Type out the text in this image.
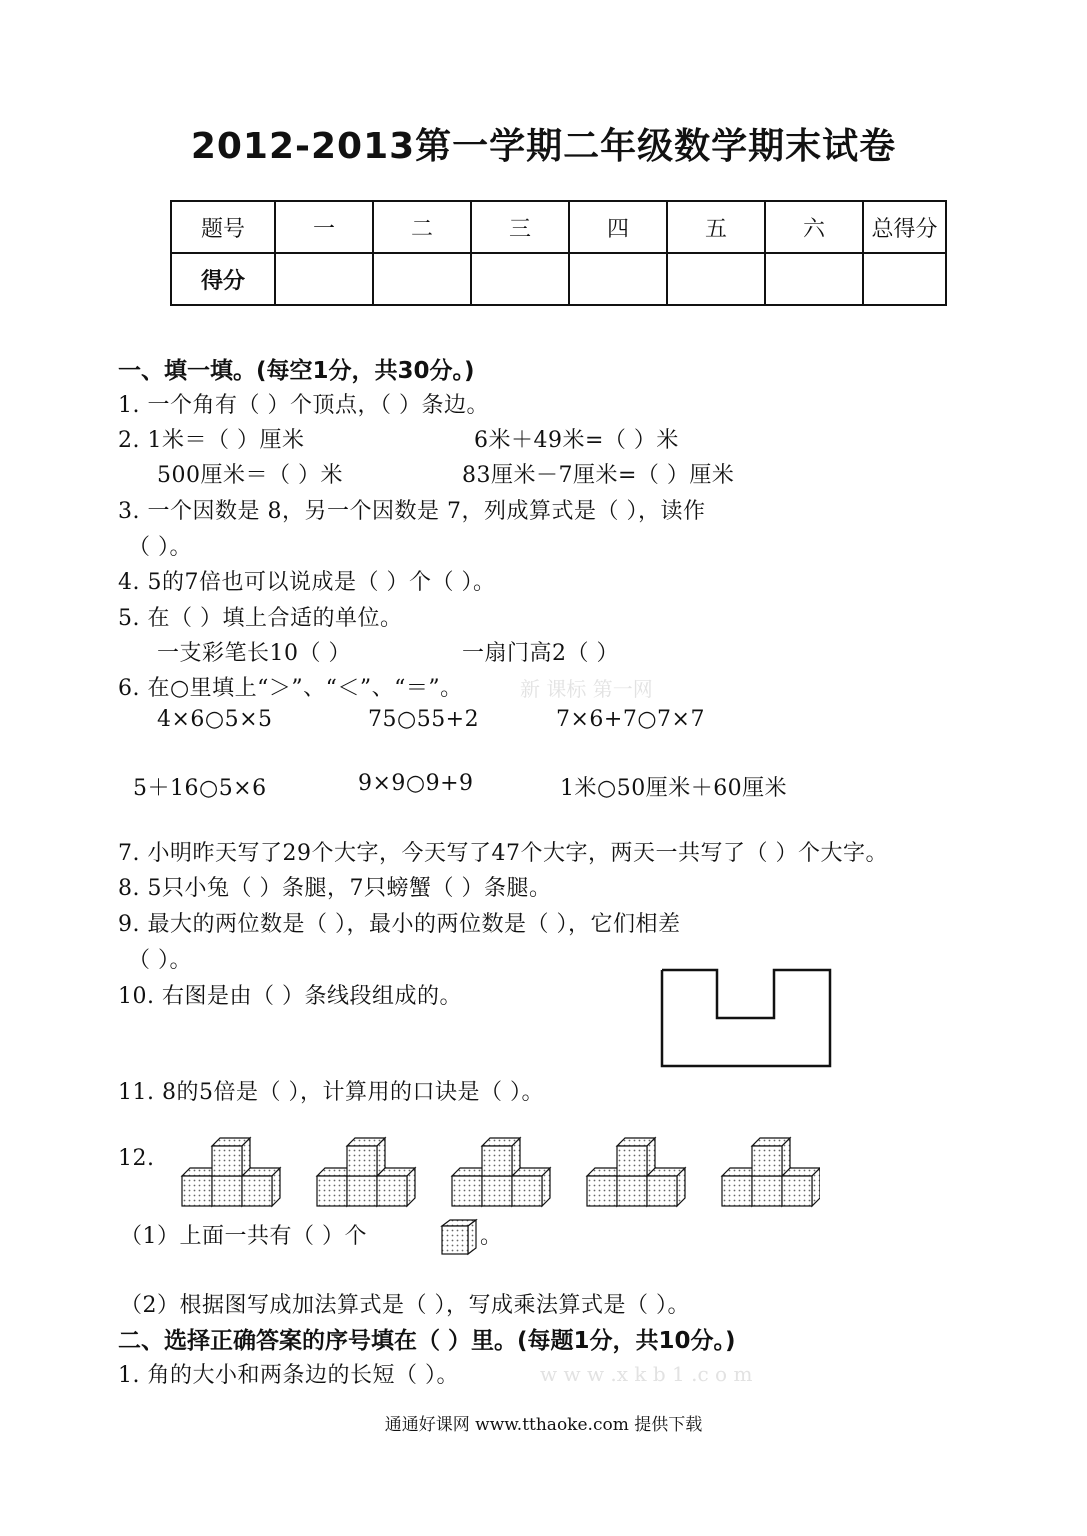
2012-2013第一学期二年级数学期末试卷
题号	一	二	三	四	五	六	总得分
得分							
一、填一填。(每空1分，共30分。)
1. 一个角有（ ）个顶点，（ ）条边。
2. 1米＝（ ）厘米	6米＋49米=（ ）米
500厘米＝（ ）米	83厘米－7厘米=（ ）厘米
3. 一个因数是 8，另一个因数是 7，列成算式是（ ），读作
（ ）。
4. 5的7倍也可以说成是（ ）个（ ）。
5. 在（ ）填上合适的单位。
一支彩笔长10（ ）	一扇门高2（ ）
6. 在○里填上“＞”、“＜”、“＝”。	新 课标 第一网
4×6○5×5	75○55+2	7×6+7○7×7
5＋16○5×6	9×9○9+9	1米○50厘米＋60厘米
7. 小明昨天写了29个大字，今天写了47个大字，两天一共写了（ ）个大字。
8. 5只小兔（ ）条腿，7只螃蟹（ ）条腿。
9. 最大的两位数是（ ），最小的两位数是（ ），它们相差
（ ）。
10. 右图是由（ ）条线段组成的。
11. 8的5倍是（ ），计算用的口诀是（ ）。
12.
（1）上面一共有（ ）个	。
（2）根据图写成加法算式是（ ），写成乘法算式是（ ）。
二、选择正确答案的序号填在（ ）里。(每题1分，共10分。)
1. 角的大小和两条边的长短（ ）。	w w w .x k b 1 .c o m
通通好课网 www.tthaoke.com 提供下载
